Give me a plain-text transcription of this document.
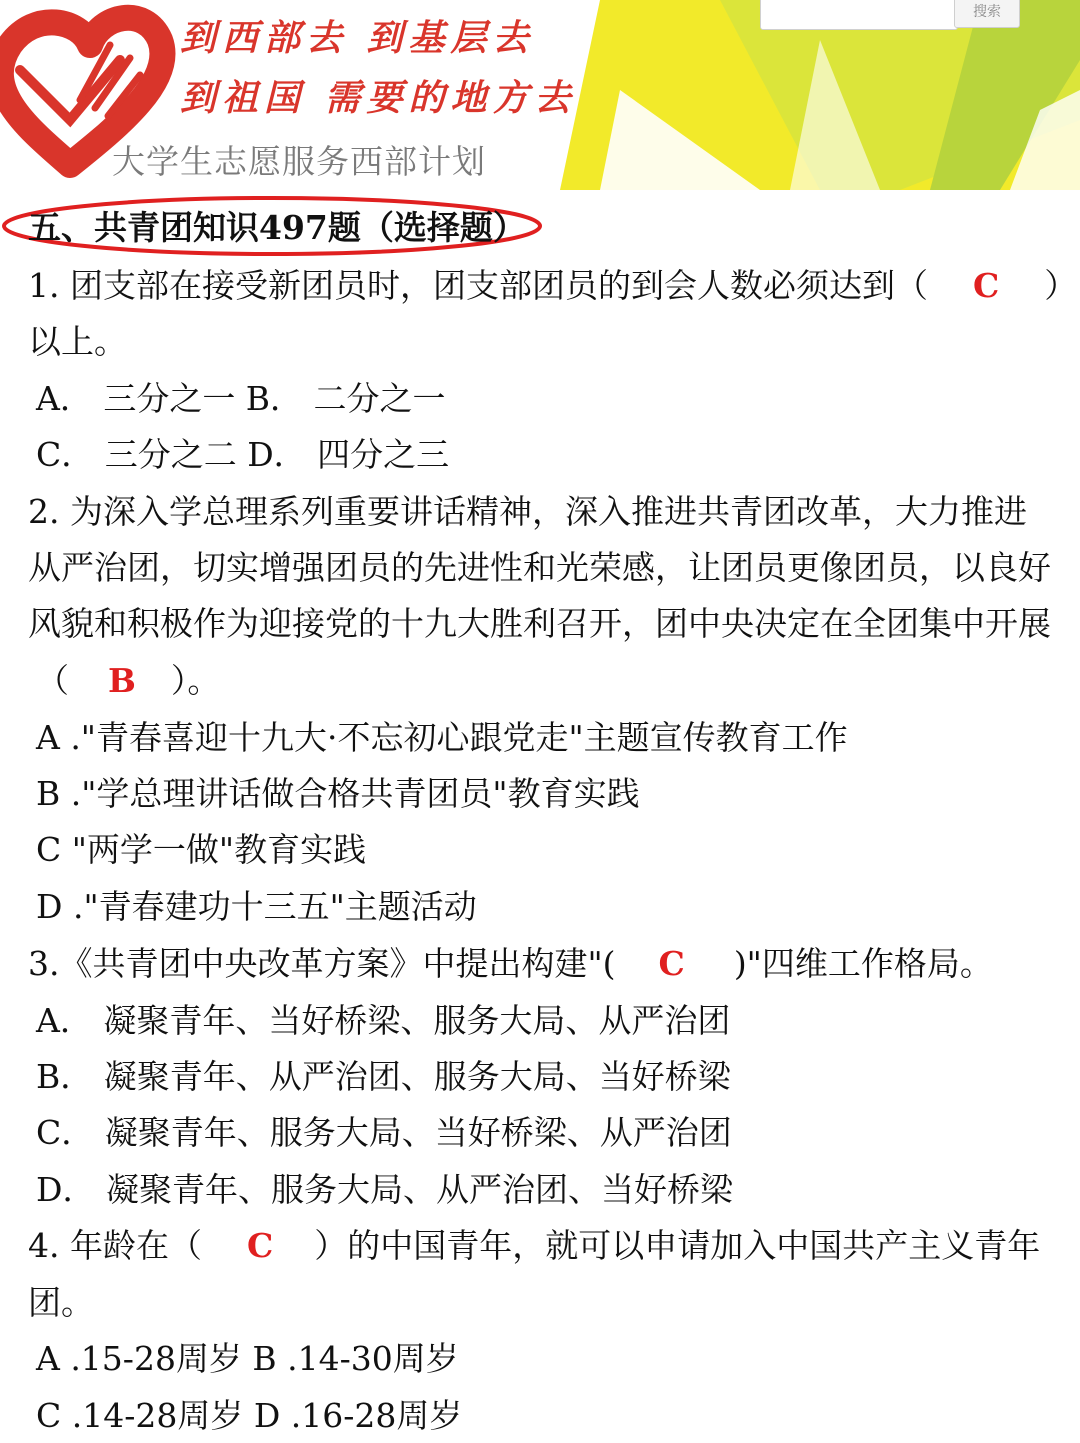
到西部去 到基层去
到祖国 需要的地方去
大学生志愿服务西部计划
搜索
五、共青团知识497题（选择题）
1. 团支部在接受新团员时，团支部团员的到会人数必须达到（ C ）
以上。
A． 三分之一 B． 二分之一
C． 三分之二 D． 四分之三
2. 为深入学总理系列重要讲话精神，深入推进共青团改革，大力推进
从严治团，切实增强团员的先进性和光荣感，让团员更像团员，以良好
风貌和积极作为迎接党的十九大胜利召开，团中央决定在全团集中开展
（ B ）。
A ."青春喜迎十九大·不忘初心跟党走"主题宣传教育工作
B ."学总理讲话做合格共青团员"教育实践
C "两学一做"教育实践
D ."青春建功十三五"主题活动
3.《共青团中央改革方案》中提出构建"( C )"四维工作格局。
A． 凝聚青年、当好桥梁、服务大局、从严治团
B． 凝聚青年、从严治团、服务大局、当好桥梁
C． 凝聚青年、服务大局、当好桥梁、从严治团
D． 凝聚青年、服务大局、从严治团、当好桥梁
4. 年龄在（ C ）的中国青年，就可以申请加入中国共产主义青年
团。
A .15-28周岁 B .14-30周岁
C .14-28周岁 D .16-28周岁
